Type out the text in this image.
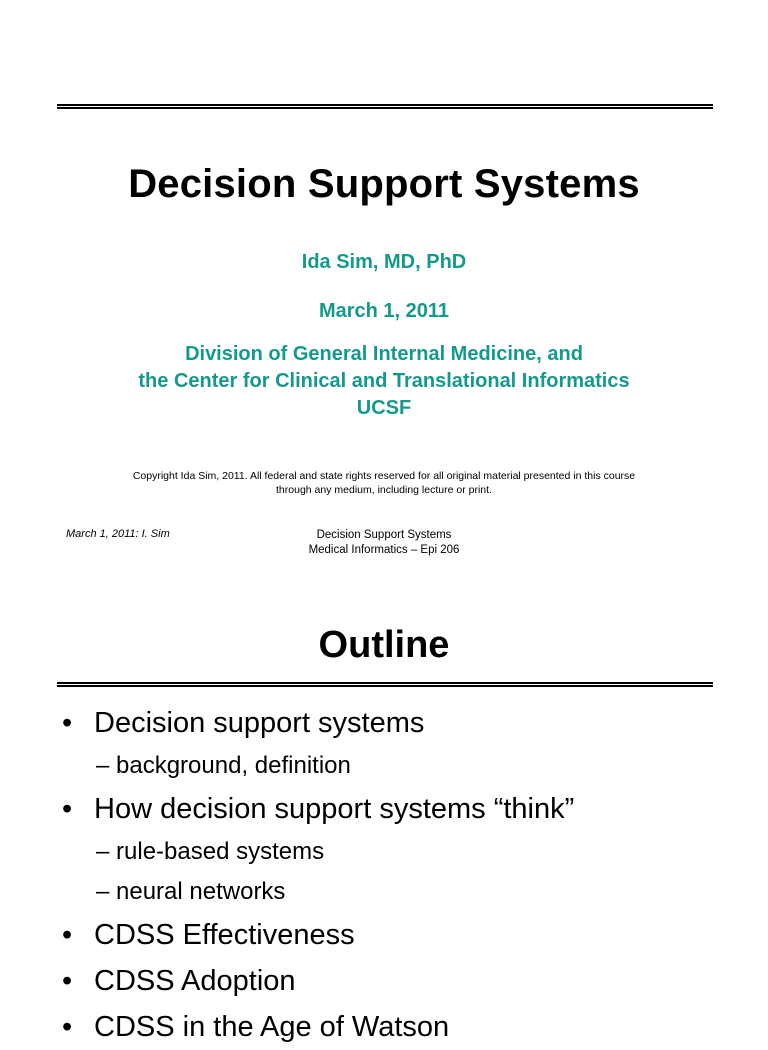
Decision Support Systems
Ida Sim, MD, PhD
March 1, 2011
Division of General Internal Medicine, and
the Center for Clinical and Translational Informatics
UCSF
Copyright Ida Sim, 2011. All federal and state rights reserved for all original material presented in this course
through any medium, including lecture or print.
March 1, 2011: I. Sim	Decision Support Systems
Medical Informatics – Epi 206
Outline
• Decision support systems
– background, definition
• How decision support systems “think”
– rule-based systems
– neural networks
• CDSS Effectiveness
• CDSS Adoption
• CDSS in the Age of Watson
